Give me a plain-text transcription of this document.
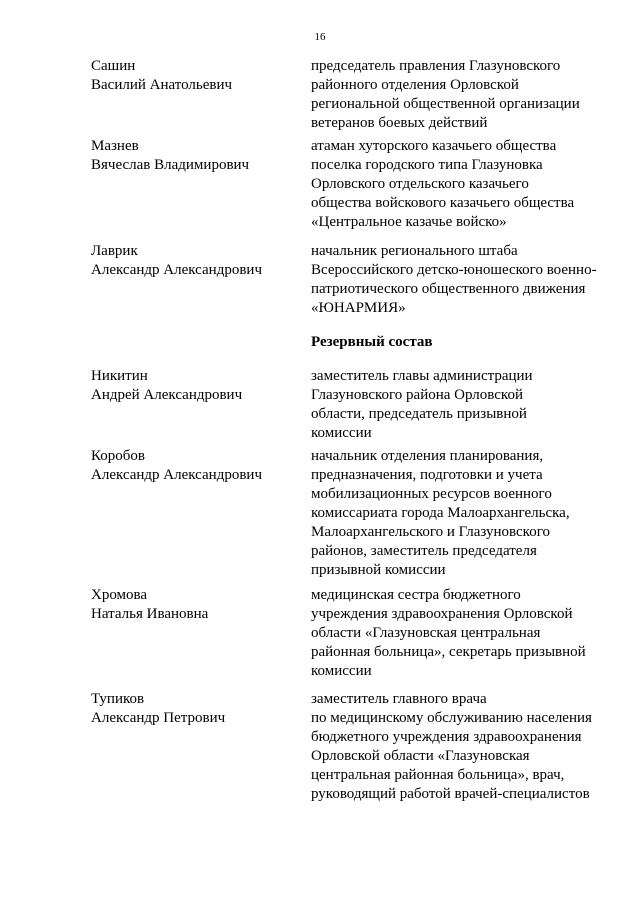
16
Сашин
Василий Анатольевич
председатель правления Глазуновского
районного отделения Орловской
региональной общественной организации
ветеранов боевых действий
Мазнев
Вячеслав Владимирович
атаман хуторского казачьего общества
поселка городского типа Глазуновка
Орловского отдельского казачьего
общества войскового казачьего общества
«Центральное казачье войско»
Лаврик
Александр Александрович
начальник регионального штаба
Всероссийского детско-юношеского военно-
патриотического общественного движения
«ЮНАРМИЯ»
Резервный состав
Никитин
Андрей Александрович
заместитель главы администрации
Глазуновского района Орловской
области, председатель призывной
комиссии
Коробов
Александр Александрович
начальник отделения планирования,
предназначения, подготовки и учета
мобилизационных ресурсов военного
комиссариата города Малоархангельска,
Малоархангельского и Глазуновского
районов, заместитель председателя
призывной комиссии
Хромова
Наталья Ивановна
медицинская сестра бюджетного
учреждения здравоохранения Орловской
области «Глазуновская центральная
районная больница», секретарь призывной
комиссии
Тупиков
Александр Петрович
заместитель главного врача
по медицинскому обслуживанию населения
бюджетного учреждения здравоохранения
Орловской области «Глазуновская
центральная районная больница», врач,
руководящий работой врачей-специалистов
